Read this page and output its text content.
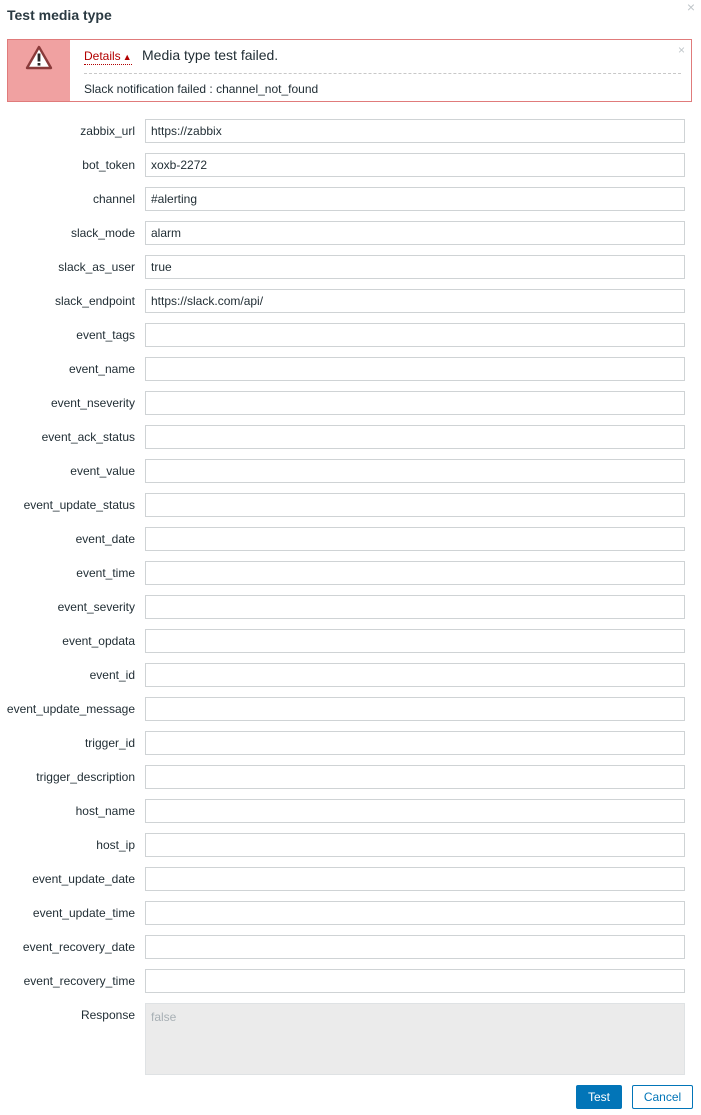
Test media type	×
Details ▲ Media type test failed.
Slack notification failed : channel_not_found
×
zabbix_url
https://zabbix
bot_token
xoxb-2272
channel
#alerting
slack_mode
alarm
slack_as_user
true
slack_endpoint
https://slack.com/api/
event_tags
event_name
event_nseverity
event_ack_status
event_value
event_update_status
event_date
event_time
event_severity
event_opdata
event_id
event_update_message
trigger_id
trigger_description
host_name
host_ip
event_update_date
event_update_time
event_recovery_date
event_recovery_time
Response
false
Test	Cancel
